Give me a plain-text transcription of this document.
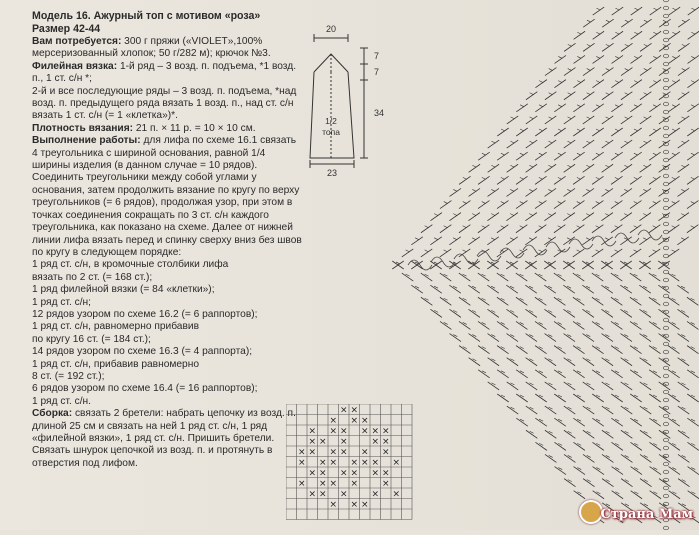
Модель 16. Ажурный топ с мотивом «роза»

Размер 42-44

Вам потребуется: 300 г пряжи («VIOLET»,100% мерсеризованный хлопок; 50 г/282 м); крючок №3.

Филейная вязка: 1-й ряд – 3 возд. п. подъема, *1 возд. п., 1 ст. с/н *;

2-й и все последующие ряды – 3 возд. п. подъема, *над возд. п. предыдущего ряда вязать 1 возд. п., над ст. с/н вязать 1 ст. с/н (= 1 «клетка»)*.

Плотность вязания: 21 п. × 11 р. = 10 × 10 см.

Выполнение работы: для лифа по схеме 16.1 связать 4 треугольника с шириной основания, равной 1/4 ширины изделия (в данном случае = 10 рядов). Соединить треугольники между собой углами у основания, затем продолжить вязание по кругу по верху треугольников (= 6 рядов), продолжая узор, при этом в точках соединения сокращать по 3 ст. с/н каждого треугольника, как показано на схеме. Далее от нижней линии лифа вязать перед и спинку сверху вниз без швов по кругу в следующем порядке:

1 ряд ст. с/н, в кромочные столбики лифа

вязать по 2 ст. (= 168 ст.);

1 ряд филейной вязки (= 84 «клетки»);

1 ряд ст. с/н;

12 рядов узором по схеме 16.2 (= 6 раппортов);

1 ряд ст. с/н, равномерно прибавив

по кругу 16 ст. (= 184 ст.);

14 рядов узором по схеме 16.3 (= 4 раппорта);

1 ряд ст. с/н, прибавив равномерно

8 ст. (= 192 ст.);

6 рядов узором по схеме 16.4 (= 16 раппортов);

1 ряд ст. с/н.

Сборка: связать 2 бретели: набрать цепочку из возд. п. длиной 25 см и связать на ней 1 ряд ст. с/н, 1 ряд «филейной вязки», 1 ряд ст. с/н. Пришить бретели. Связать шнурок цепочкой из возд. п. и протянуть в отверстия под лифом.

20
7
7
34
1/2
топа
23
× ×
× × ×
× × × × × ×
× × ×	× ×
× × × × × ×
× × × × × × ×
× × × × × ×
× × × ×	×
× × ×	× ×
× × ×
Страна Мам
